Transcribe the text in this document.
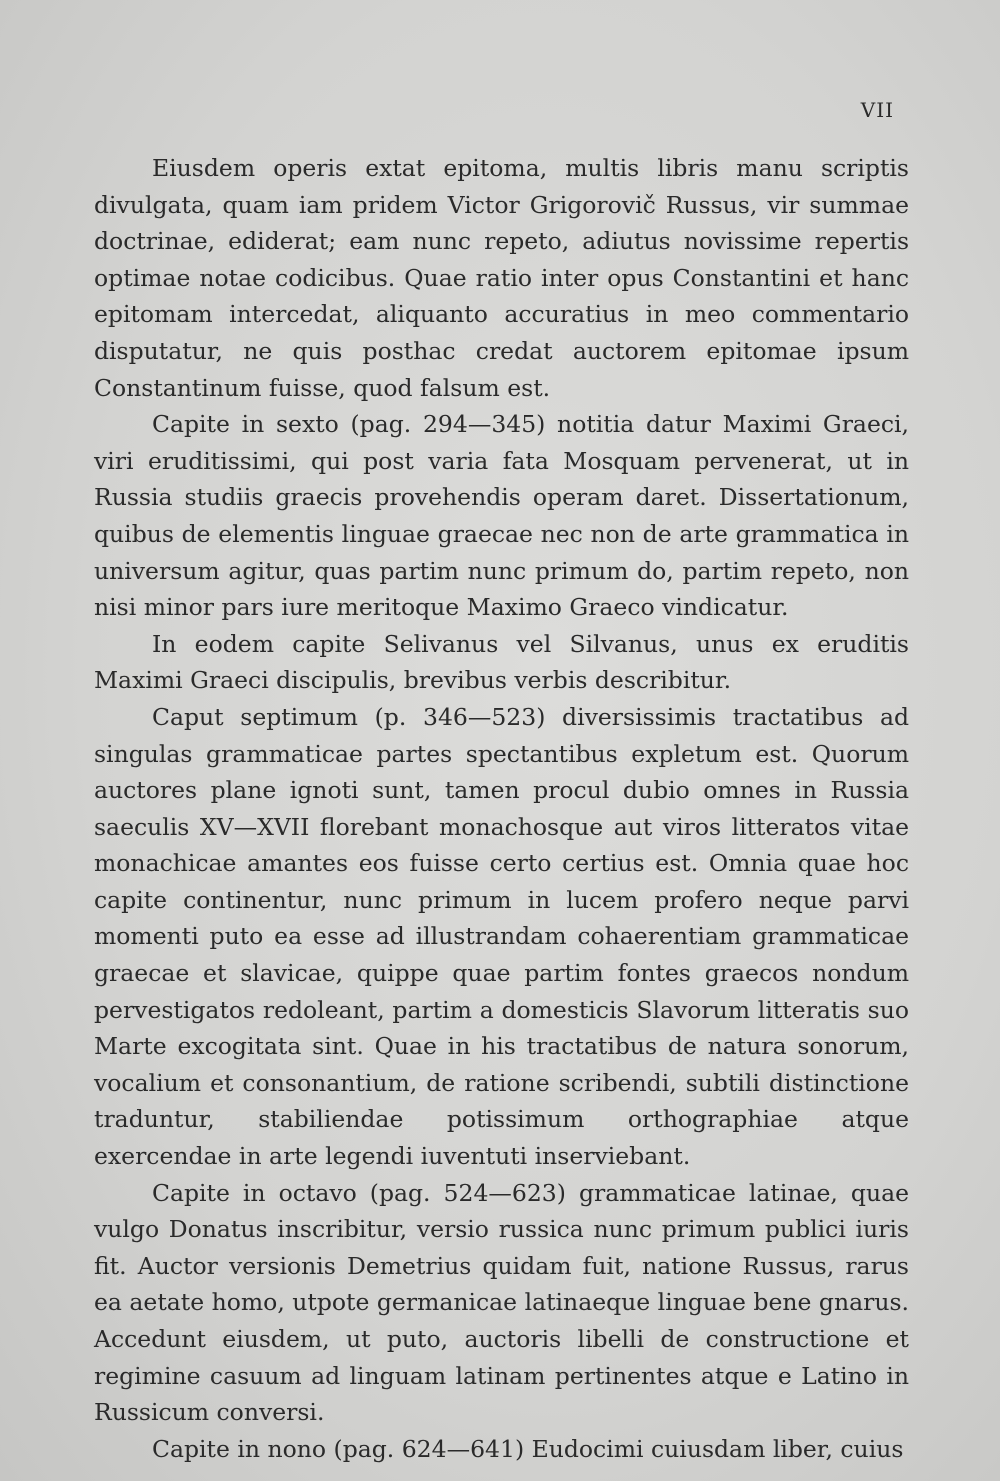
VII

Eiusdem operis extat epitoma, multis libris manu scriptis divulgata, quam iam pridem Victor Grigorovič Russus, vir summae doctrinae, ediderat; eam nunc repeto, adiutus novissime repertis optimae notae codicibus. Quae ratio inter opus Constantini et hanc epitomam intercedat, aliquanto accuratius in meo commentario disputatur, ne quis posthac credat auctorem epitomae ipsum Constantinum fuisse, quod falsum est.

Capite in sexto (pag. 294—345) notitia datur Maximi Graeci, viri eruditissimi, qui post varia fata Mosquam pervenerat, ut in Russia studiis graecis provehendis operam daret. Dissertationum, quibus de elementis linguae graecae nec non de arte grammatica in universum agitur, quas partim nunc primum do, partim repeto, non nisi minor pars iure meritoque Maximo Graeco vindicatur.

In eodem capite Selivanus vel Silvanus, unus ex eruditis Maximi Graeci discipulis, brevibus verbis describitur.

Caput septimum (p. 346—523) diversissimis tractatibus ad singulas grammaticae partes spectantibus expletum est. Quorum auctores plane ignoti sunt, tamen procul dubio omnes in Russia saeculis XV—XVII florebant monachosque aut viros litteratos vitae monachicae amantes eos fuisse certo certius est. Omnia quae hoc capite continentur, nunc primum in lucem profero neque parvi momenti puto ea esse ad illustrandam cohaerentiam grammaticae graecae et slavicae, quippe quae partim fontes graecos nondum pervestigatos redoleant, partim a domesticis Slavorum litteratis suo Marte excogitata sint. Quae in his tractatibus de natura sonorum, vocalium et consonantium, de ratione scribendi, subtili distinctione traduntur, stabiliendae potissimum orthographiae atque exercendae in arte legendi iuventuti inserviebant.

Capite in octavo (pag. 524—623) grammaticae latinae, quae vulgo Donatus inscribitur, versio russica nunc primum publici iuris fit. Auctor versionis Demetrius quidam fuit, natione Russus, rarus ea aetate homo, utpote germanicae latinaeque linguae bene gnarus. Accedunt eiusdem, ut puto, auctoris libelli de constructione et regimine casuum ad linguam latinam pertinentes atque e Latino in Russicum conversi.

Capite in nono (pag. 624—641) Eudocimi cuiusdam liber, cuius
